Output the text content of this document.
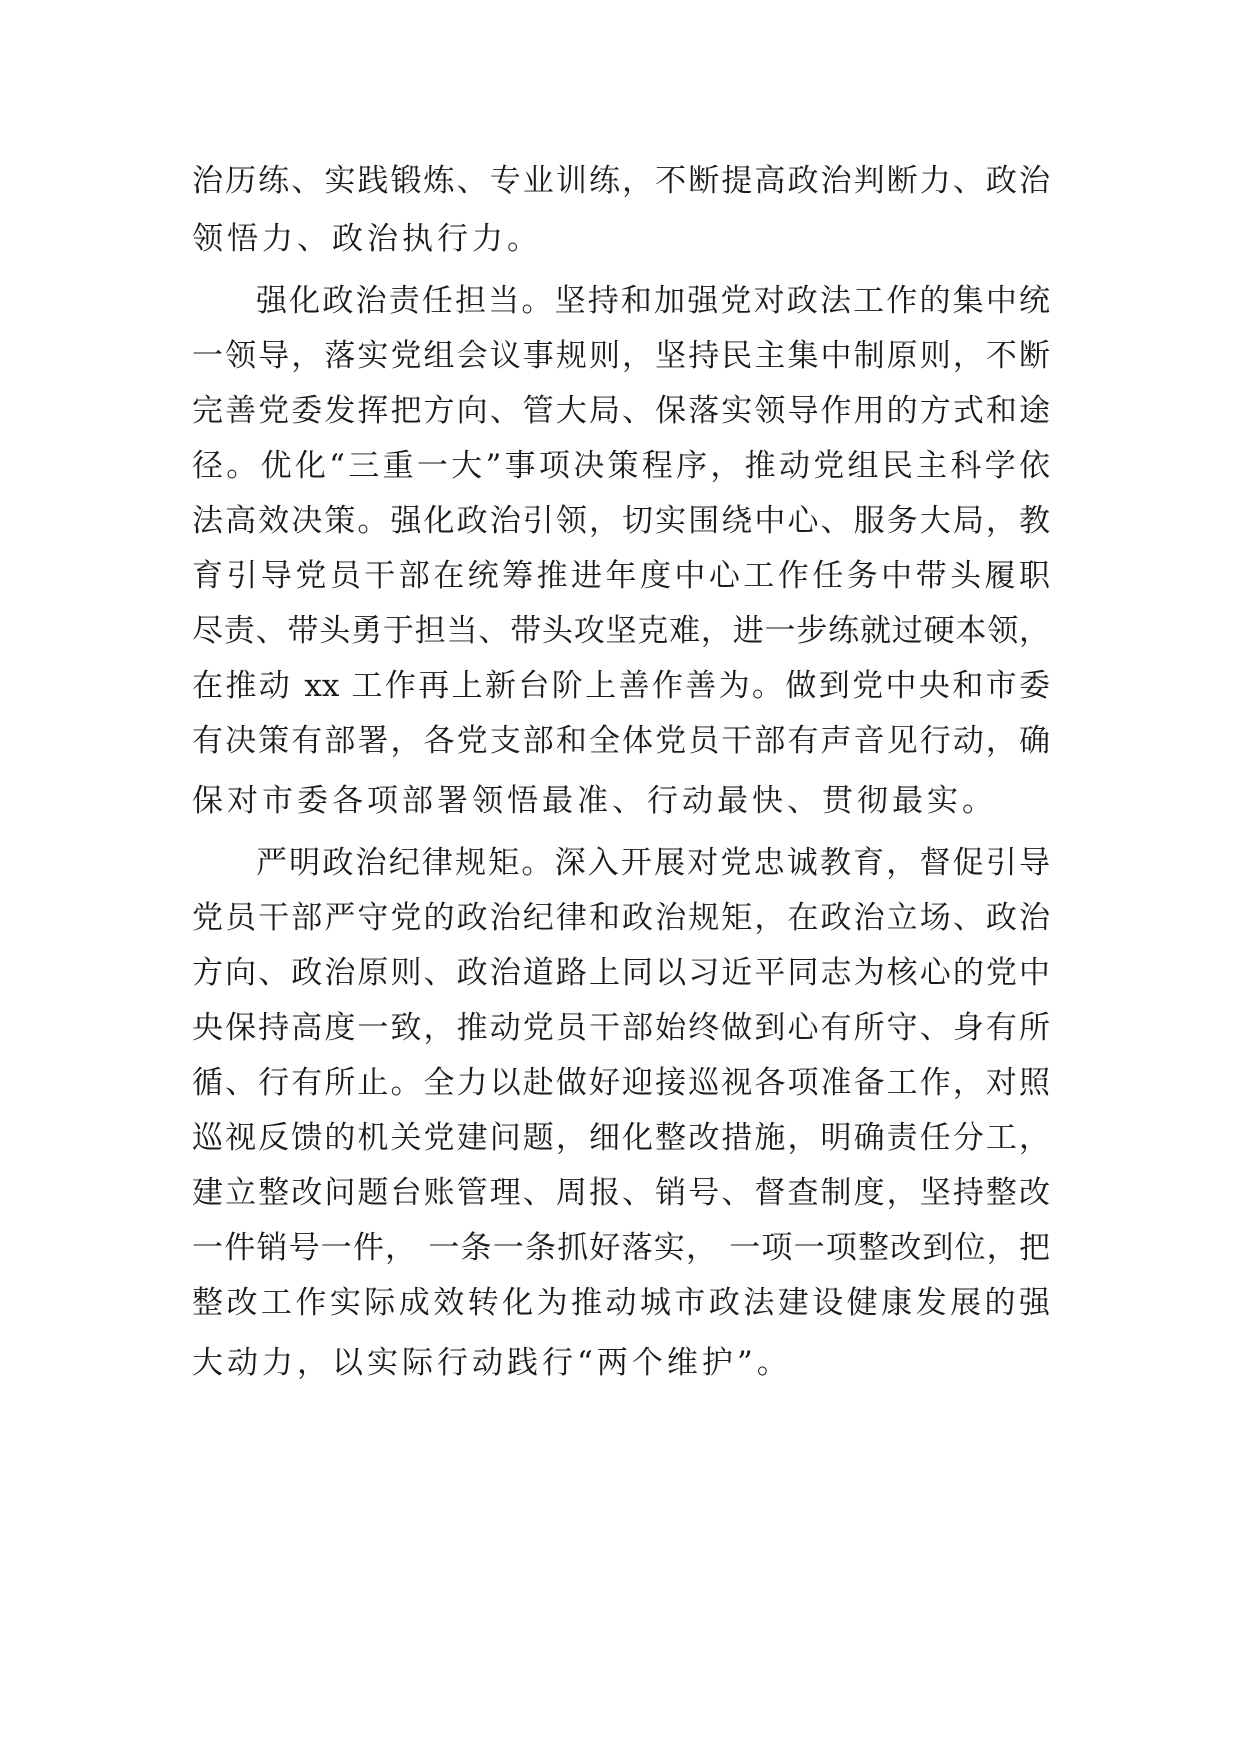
治历练、实践锻炼、专业训练，不断提高政治判断力、政治
领悟力、政治执行力。
强化政治责任担当。坚持和加强党对政法工作的集中统
一领导，落实党组会议事规则，坚持民主集中制原则，不断
完善党委发挥把方向、管大局、保落实领导作用的方式和途
径。优化“三重一大”事项决策程序，推动党组民主科学依
法高效决策。强化政治引领，切实围绕中心、服务大局，教
育引导党员干部在统筹推进年度中心工作任务中带头履职
尽责、带头勇于担当、带头攻坚克难，进一步练就过硬本领，
在推动 xx 工作再上新台阶上善作善为。做到党中央和市委
有决策有部署，各党支部和全体党员干部有声音见行动，确
保对市委各项部署领悟最准、行动最快、贯彻最实。
严明政治纪律规矩。深入开展对党忠诚教育，督促引导
党员干部严守党的政治纪律和政治规矩，在政治立场、政治
方向、政治原则、政治道路上同以习近平同志为核心的党中
央保持高度一致，推动党员干部始终做到心有所守、身有所
循、行有所止。全力以赴做好迎接巡视各项准备工作，对照
巡视反馈的机关党建问题，细化整改措施，明确责任分工，
建立整改问题台账管理、周报、销号、督查制度，坚持整改
一件销号一件， 一条一条抓好落实， 一项一项整改到位，把
整改工作实际成效转化为推动城市政法建设健康发展的强
大动力，以实际行动践行“两个维护”。
